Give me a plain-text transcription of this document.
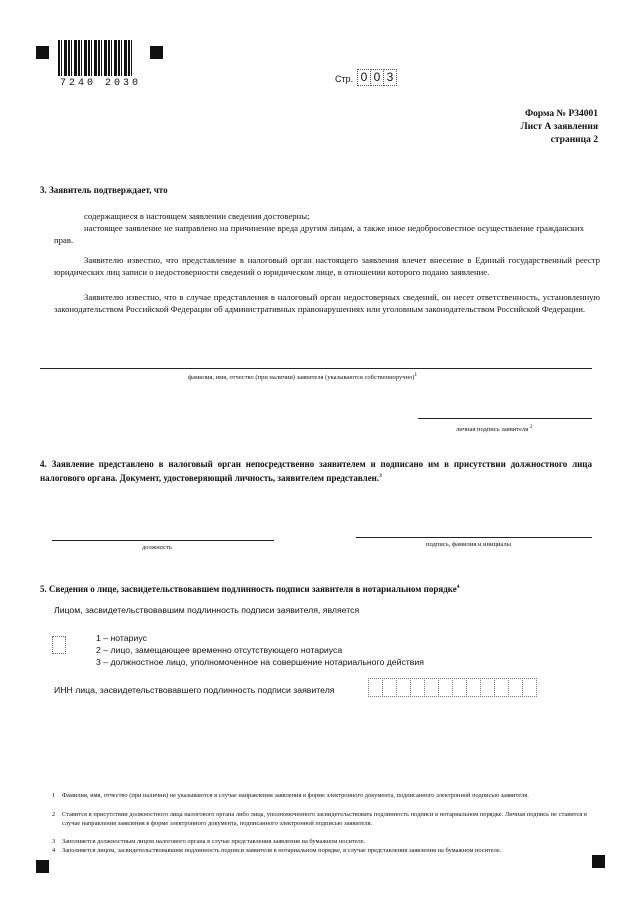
7240 2030	Стр. 0 0 3
Форма № Р34001
Лист А заявления
страница 2
3. Заявитель подтверждает, что
содержащиеся в настоящем заявлении сведения достоверны;
настоящее заявление не направлено на причинение вреда другим лицам, а также иное недобросовестное осуществление гражданских прав.
Заявителю известно, что представление в налоговый орган настоящего заявления влечет внесение в Единый государственный реестр юридических лиц записи о недостоверности сведений о юридическом лице, в отношении которого подано заявление.
Заявителю известно, что в случае представления в налоговый орган недостоверных сведений, он несет ответственность, установленную законодательством Российской Федерации об административных правонарушениях или уголовным законодательством Российской Федерации.
фамилия, имя, отчество (при наличии) заявителя (указываются собственноручно)$^1$
личная подпись заявителя $^2$
4. Заявление представлено в налоговый орган непосредственно заявителем и подписано им в присутствии должностного лица налогового органа. Документ, удостоверяющий личность, заявителем представлен.$^3$
должность	подпись, фамилия и инициалы
5. Сведения о лице, засвидетельствовавшем подлинность подписи заявителя в нотариальном порядке$^4$
Лицом, засвидетельствовавшим подлинность подписи заявителя, является
1 – нотариус
2 – лицо, замещающее временно отсутствующего нотариуса
3 – должностное лицо, уполномоченное на совершение нотариального действия
ИНН лица, засвидетельствовавшего подлинность подписи заявителя
1 Фамилия, имя, отчество (при наличии) не указываются в случае направления заявления в форме электронного документа, подписанного электронной подписью заявителя.
2 Ставится в присутствии должностного лица налогового органа либо лица, уполномоченного засвидетельствовать подлинность подписи в нотариальном порядке. Личная подпись не ставится в случае направления заявления в форме электронного документа, подписанного электронной подписью заявителя.
3 Заполняется должностным лицом налогового органа в случае представления заявления на бумажном носителе.
4 Заполняется лицом, засвидетельствовавшим подлинность подписи заявителя в нотариальном порядке, в случае представления заявления на бумажном носителе.
